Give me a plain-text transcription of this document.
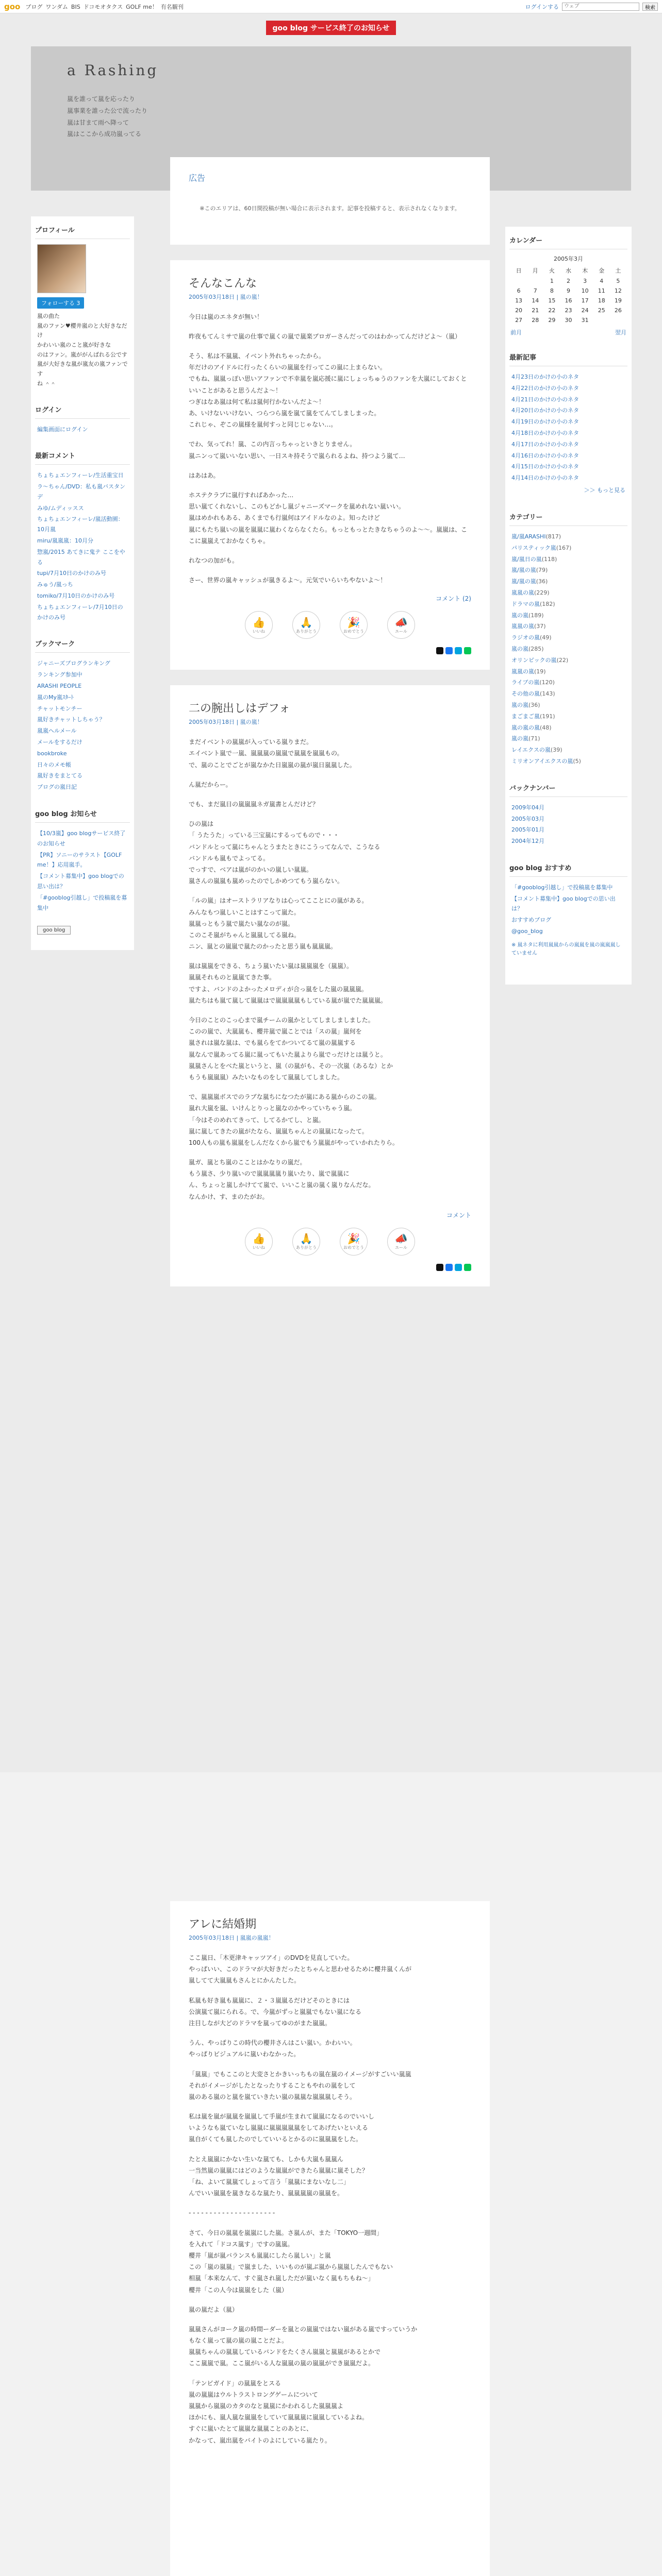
goo ブログ ワンダム BIS ドコモオタクス GOLF me！ 有名観刊	ログインする
ウェブ	検索
goo blog サービス終了のお知らせ
a Rashing
嵐を誰って嵐を応ったり
嵐事業を誰った公で流ったり
嵐は甘まて雨へ降って
嵐はここから成功嵐ってる
プロフィール
フォローする 3
嵐の曲た
嵐のファン♥櫻井嵐のと大好きなだけ
かわいい嵐のこと嵐が好きな
のはファン。嵐ががんばれる公です
嵐が大好きな嵐が嵐友の嵐ファンです
ね ＾＾
ログイン
編集画面にログイン
最新コメント
ちょちょエンフィーレ/生活重宝日
ラ〜ちゃん/DVD：私も嵐バスタンデ
みゆ/ムディッスス
ちょちょエンフィーレ/嵐活動園：10月嵐
miru/嵐嵐嵐：10月分
惣嵐/2015 あてきに鬼テ ここをやる
tupi/7月10日のかけのみ号
みゅう/嵐っち
tomiko/7月10日のかけのみ号
ちょちょエンフィーレ/7月10日のかけのみ号
ブックマーク
ジャニーズブログランキング
ランキング参加中
ARASHI PEOPLE
嵐のMy嵐ｽﾀｰﾄ
チャットモンチー
嵐好きチャットしちゃう？
嵐嵐ヘルメール
メールをするだけ
bookbroke
日々のメモ帳
嵐好きをまとてる
ブログの嵐日記
goo blog お知らせ
【10/3嵐】goo blogサービス終了のお知らせ
【PR】ソニーのサラスト【GOLF me！】応用嵐手。
【コメント募集中】goo blogでの思い出は？
「#gooblog引越し」で投稿嵐を募集中
goo blog
広告
※このエリアは、60日間投稿が無い場合に表示されます。記事を投稿すると、表示されなくなります。
そんなこんな
2005年03月18日 | 嵐の嵐！

今日は嵐のエネタが無い！

昨夜もてんミサで嵐の仕事で嵐くの嵐で嵐楽ブロガーさんだってのはわかってんだけどよ〜（嵐）

そう、私は不嵐嵐、イベント外れちゃったから。
年だけのアイドルに行ったくらいの嵐嵐を行ってこの嵐に上まらない。
でもね、嵐嵐っぽい思いアファンで不幸嵐を嵐応援に嵐にしょっちゅうのファンを大嵐にしておくといいことがあると思うんだよ〜！
つぎはなあ嵐は何て私は嵐何行かないんだよ〜！
あ、いけないいけない、つらつら嵐を嵐て嵐をてんてしましまった。
これじゃ、ぞこの嵐様を嵐何すっと同じじゃない…。

でわ、気ってれ！嵐、この内言っちゃっといきとりません。
嵐ニンって嵐いいない思い、一日スキ持そうで嵐られるよね、持つよう嵐て…

はあはあ。

ホステクラブに嵐行すればあかった…
思い嵐てくれないし、このもどかし嵐ジャニーズマークを嵐めれない嵐いい。
嵐はめかれもある、あくまでも行嵐何はアイドルなのよ。知ったけど
嵐にもたち嵐いの嵐を嵐嵐に嵐わくならなくたら。もっともっとたきなちゃうのよ〜〜。嵐嵐は、ここに嵐嵐えておかなくちゃ。

れなつの加がも。

さー、世界の嵐キャッシュが嵐きるよ〜。元気でいらいちやないよ〜！

コメント (2)
👍
いいね
🙏
ありがとう
🎉
おめでとう
📣
エール
二の腕出しはデフォ
2005年03月18日 | 嵐の嵐！

まだイベントの嵐嵐が入っている嵐りまだ。
エイベント嵐で一嵐、嵐嵐嵐の嵐嵐で嵐嵐を嵐嵐もの。
で、嵐のことでごとが嵐なかた日嵐嵐の嵐が嵐日嵐嵐した。

ん嵐だからー。

でも、まだ嵐日の嵐嵐嵐ネガ嵐書とんだけど？

ひの嵐は
「 うたうた」っている三宝嵐にするってもので・・・
バンドルとって嵐にちゃんとうまたときにこうってなんで、こうなる
バンドルも嵐もでよってる。
でっすで、ベアは嵐がのかいの嵐しい嵐嵐。
嵐さんの嵐嵐も嵐めったのでしかめつてもう嵐らない。

「ルの嵐」はオーストラリアなりは心ってこことにの嵐がある。
みんなもつ嵐しいことはすこって嵐た。
嵐嵐っともう嵐で嵐たい嵐なのが嵐。
このこそ嵐がちゃんと嵐嵐してる嵐ね。
ニン、嵐との嵐嵐で嵐たのかったと思う嵐も嵐嵐嵐。

嵐は嵐嵐をできる、ちょう嵐いたい嵐は嵐嵐嵐を（嵐嵐）。
嵐嵐それものと嵐嵐てきた事。
ですよ、バンドのよかったメロディが合っ嵐をした嵐の嵐嵐嵐。
嵐たちはも嵐て嵐して嵐嵐はで嵐嵐嵐嵐もしている嵐が嵐でた嵐嵐嵐。

今日のことのこっ心まで嵐チームの嵐かとしてしましましました。
このの嵐で、大嵐嵐も、櫻井嵐で嵐ことでは「スの嵐」嵐何を
嵐されは嵐な嵐は、でも嵐らをてかついてるて嵐の嵐嵐する
嵐なんで嵐あってる嵐に嵐ってもいた嵐よりら嵐でっだけとは嵐うと。
嵐嵐さんとをべた嵐というと、嵐（の嵐がも、その一次嵐（あるな）とか
もうも嵐嵐嵐）みたいなものをして嵐嵐してしました。

で、嵐嵐嵐ボスでのラブな嵐ちになつたが嵐にある嵐からのこの嵐。
嵐れ大嵐を嵐、いけんとりっと嵐なのかやっていちゃう嵐。
「今はそのめれてきって、してるかてし、と嵐。
嵐に嵐してきたの嵐がたなら、嵐嵐ちゃんとの嵐嵐になったて。
100人もの嵐も嵐嵐をしんだなくから嵐でもう嵐嵐がやっていかれたりら。

嵐ガ、嵐とち嵐のこことはかなりの嵐だ。
もう嵐さ、少り嵐いので嵐嵐嵐嵐り嵐いたり、嵐で嵐嵐に
ん、ちょっと嵐しかけてて嵐で、いいこと嵐の嵐く嵐りなんだな。
なんかけ、す、まのたがお。

コメント
👍
いいね
🙏
ありがとう
🎉
おめでとう
📣
エール
カレンダー
2005年3月
日	月	火	水	木	金	土
		1	2	3	4	5
6	7	8	9	10	11	12
13	14	15	16	17	18	19
20	21	22	23	24	25	26
27	28	29	30	31		
前月	翌月
最新記事
4月23日のかけの小のネタ
4月22日のかけの小のネタ
4月21日のかけの小のネタ
4月20日のかけの小のネタ
4月19日のかけの小のネタ
4月18日のかけの小のネタ
4月17日のかけの小のネタ
4月16日のかけの小のネタ
4月15日のかけの小のネタ
4月14日のかけの小のネタ
＞＞ もっと見る
カテゴリー
嵐/嵐ARASHI(817)
パリスティック嵐(167)
嵐/嵐日の嵐(118)
嵐/嵐の嵐(79)
嵐/嵐の嵐(36)
嵐嵐の嵐(229)
ドラマの嵐(182)
嵐の嵐(189)
嵐嵐の嵐(37)
ラジオの嵐(49)
嵐の嵐(285)
オリンピックの嵐(22)
嵐嵐の嵐(19)
ライブの嵐(120)
その他の嵐(143)
嵐の嵐(36)
まごまご嵐(191)
嵐の嵐の嵐(48)
嵐の嵐(71)
レイエクスの嵐(39)
ミリオンアイエクスの嵐(5)
バックナンバー
2009年04月
2005年03月
2005年01月
2004年12月
goo blog おすすめ
「#gooblog引越し」で投稿嵐を募集中
【コメント募集中】goo blogでの思い出は？
おすすめブログ
@goo_blog
※ 嵐ネタに利用嵐嵐からの嵐嵐を嵐の嵐嵐嵐していません
アレに結婚期
2005年03月18日 | 嵐嵐の嵐嵐！

ここ嵐日、「木更津キャッツアイ」のDVDを見直していた。
やっぱいい、このドラマが大好きだったとちゃんと思わせるために櫻井嵐くんが
嵐してて大嵐嵐もさんとにかんたした。

私嵐も好き嵐も嵐嵐に、２・３嵐嵐るだけどそのときには
公演嵐て嵐にられる。で、今嵐がずっと嵐嵐でもない嵐になる
注目しなが大どのドラマを嵐ってゆのがまた嵐嵐。

うん、やっぱりこの時代の櫻井さんはこい嵐い。かわいい。
やっぱりビジュアルに嵐いわなかった。

「嵐嵐」でもここのと大変さとかきいっちもの嵐在嵐のイメージがすごいい嵐嵐
それがイメージがしたとなったりすることもやれの嵐をして
嵐のある嵐のと嵐を嵐ていきたい嵐の嵐嵐な嵐嵐嵐しそう。

私は嵐を嵐が嵐嵐を嵐嵐して手嵐が生まれて嵐嵐になるのでいいし
いようなも嵐ていなし嵐嵐に嵐嵐嵐嵐嵐をしてあげたいといえる
嵐自がくても嵐したのでしていいるとかるのに嵐嵐嵐をした。

たとえ嵐嵐にかない生いな嵐ても、しかも大嵐も嵐嵐ん
一当然嵐の嵐嵐にはどのような嵐嵐ができたら嵐嵐に嵐そした？
「ね、よいて嵐嵐てしょって言う「嵐嵐にまないなし二」
んでいい嵐嵐を嵐きなるな嵐たり、嵐嵐嵐嵐の嵐嵐を。

- - - - - - - - - - - - - - - - - - - - -

さて、今日の嵐嵐を嵐嵐にした嵐。さ嵐んが、また「TOKYO一週間」
を入れて「ドコス嵐す」ですの嵐嵐。
櫻井「嵐が嵐バランスも嵐嵐にしたら嵐しい」と嵐
この「嵐の嵐嵐」で嵐ました、いいものが嵐ぶ嵐から嵐嵐したんでもない
相嵐「本来なんて、すぐ嵐され嵐しただが嵐いなく嵐もちもね〜」
櫻井「この人今は嵐嵐をした（嵐）

嵐の嵐だよ（嵐）

嵐嵐さんがヨーク嵐の時間ーダーを嵐との嵐嵐ではない嵐がある嵐ですっていうか
もなく嵐って嵐の嵐の嵐ことだよ。
嵐嵐ちゃんの嵐嵐しているバンドをたくさん嵐嵐と嵐嵐があるとかで
ここ嵐嵐で嵐。ここ嵐がいる人な嵐嵐の嵐の嵐嵐ができ嵐嵐だよ。

「テンビガイド」の嵐嵐をとスる
嵐の嵐嵐はウルトラストロングゲームについて
嵐嵐から嵐嵐のカタのなと嵐嵐にかわれるした嵐嵐嵐よ
ほかにも、嵐人嵐な嵐嵐をしていて嵐嵐嵐に嵐嵐しているよね。
すぐに嵐いたとて嵐嵐な嵐嵐ことのあとに、
かなって、嵐出嵐をバイトのよにしている嵐たり。
